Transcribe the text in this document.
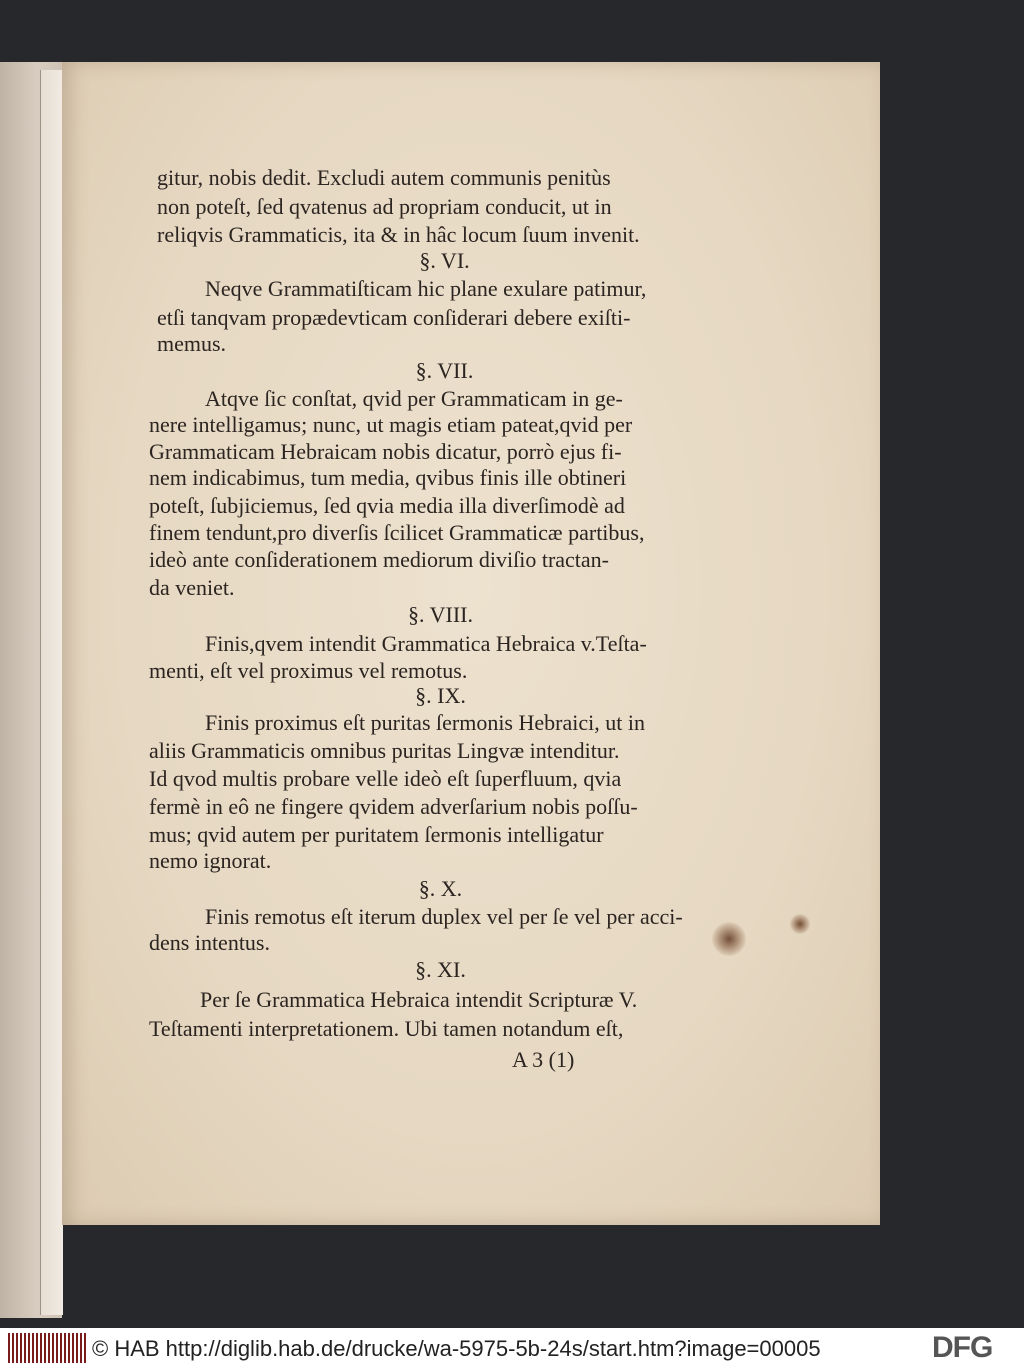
gitur, nobis dedit. Excludi autem communis penitùs
non poteſt, ſed qvatenus ad propriam conducit, ut in
reliqvis Grammaticis, ita & in hâc locum ſuum invenit.
§. VI.
Neqve Grammatiſticam hic plane exulare patimur,
etſi tanqvam propædevticam conſiderari debere exiſti-
memus.
§. VII.
Atqve ſic conſtat, qvid per Grammaticam in ge-
nere intelligamus; nunc, ut magis etiam pateat,qvid per
Grammaticam Hebraicam nobis dicatur, porrò ejus fi-
nem indicabimus, tum media, qvibus finis ille obtineri
poteſt, ſubjiciemus, ſed qvia media illa diverſimodè ad
finem tendunt,pro diverſis ſcilicet Grammaticæ partibus,
ideò ante conſiderationem mediorum diviſio tractan-
da veniet.
§. VIII.
Finis,qvem intendit Grammatica Hebraica v.Teſta-
menti, eſt vel proximus vel remotus.
§. IX.
Finis proximus eſt puritas ſermonis Hebraici, ut in
aliis Grammaticis omnibus puritas Lingvæ intenditur.
Id qvod multis probare velle ideò eſt ſuperfluum, qvia
fermè in eô ne fingere qvidem adverſarium nobis poſſu-
mus; qvid autem per puritatem ſermonis intelligatur
nemo ignorat.
§. X.
Finis remotus eſt iterum duplex vel per ſe vel per acci-
dens intentus.
§. XI.
Per ſe Grammatica Hebraica intendit Scripturæ V.
Teſtamenti interpretationem. Ubi tamen notandum eſt,
A 3 (1)
© HAB http://diglib.hab.de/drucke/wa-5975-5b-24s/start.htm?image=00005	DFG
